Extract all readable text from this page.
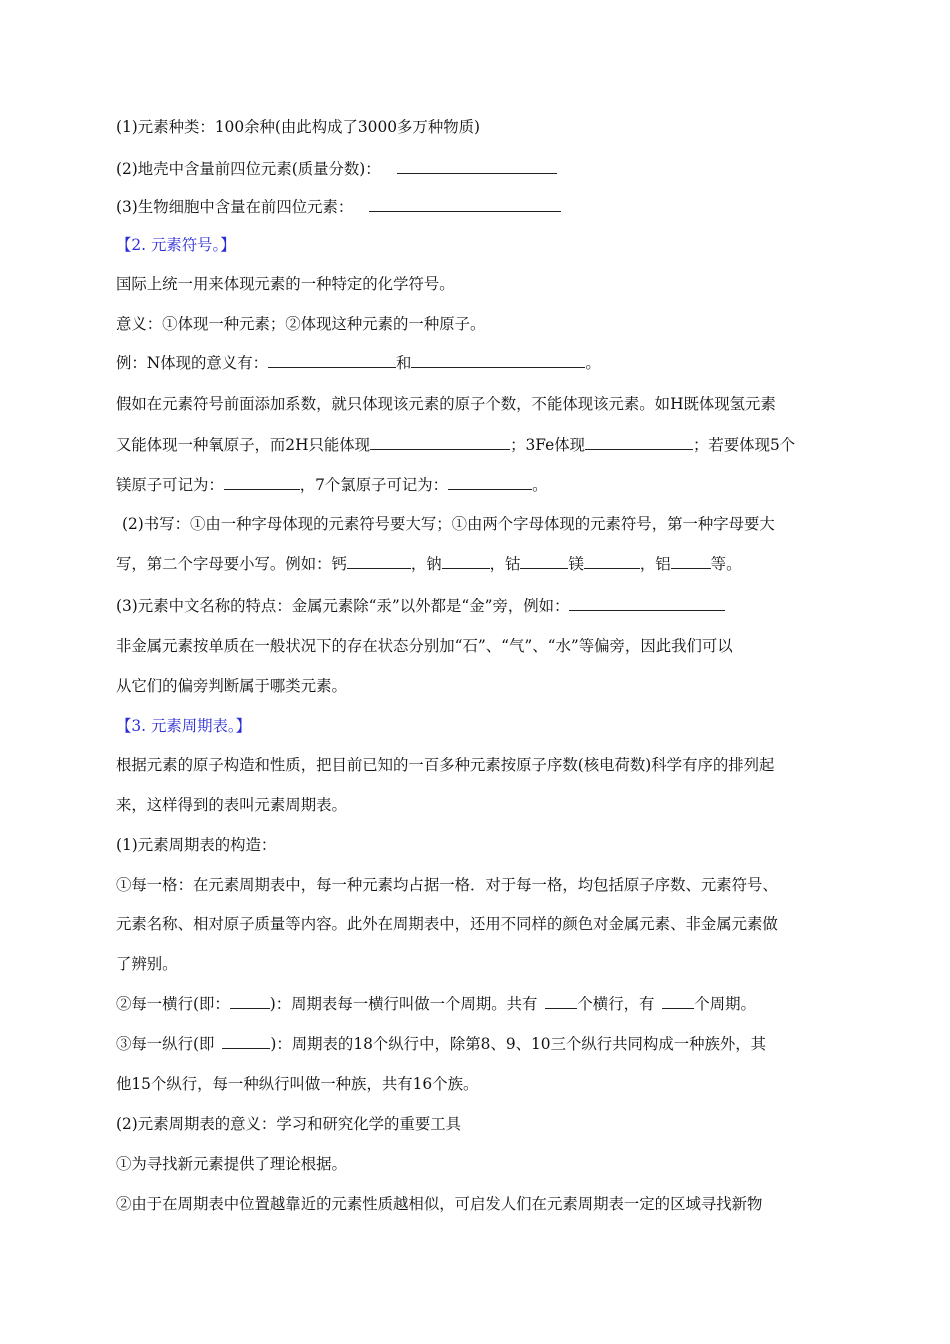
(1)元素种类：100余种(由此构成了3000多万种物质)

(2)地壳中含量前四位元素(质量分数)：

(3)生物细胞中含量在前四位元素：

【2. 元素符号。】

国际上统一用来体现元素的一种特定的化学符号。

意义：①体现一种元素；②体现这种元素的一种原子。

例：N体现的意义有：	和	。

假如在元素符号前面添加系数，就只体现该元素的原子个数，不能体现该元素。如H既体现氢元素

又能体现一种氧原子，而2H只能体现	；3Fe体现	；若要体现5个

镁原子可记为：	，7个氯原子可记为：	。

(2)书写：①由一种字母体现的元素符号要大写；①由两个字母体现的元素符号，第一种字母要大

写，第二个字母要小写。例如：钙	，钠	，钴	镁	，铝	等。

(3)元素中文名称的特点：金属元素除“汞”以外都是“金”旁，例如：

非金属元素按单质在一般状况下的存在状态分别加“石”、“气”、“水”等偏旁，因此我们可以

从它们的偏旁判断属于哪类元素。

【3. 元素周期表。】

根据元素的原子构造和性质，把目前已知的一百多种元素按原子序数(核电荷数)科学有序的排列起

来，这样得到的表叫元素周期表。

(1)元素周期表的构造：

①每一格：在元素周期表中，每一种元素均占据一格．对于每一格，均包括原子序数、元素符号、

元素名称、相对原子质量等内容。此外在周期表中，还用不同样的颜色对金属元素、非金属元素做

了辨别。

②每一横行(即：	)：周期表每一横行叫做一个周期。共有	个横行，有	个周期。

③每一纵行(即	)：周期表的18个纵行中，除第8、9、10三个纵行共同构成一种族外，其

他15个纵行，每一种纵行叫做一种族，共有16个族。

(2)元素周期表的意义：学习和研究化学的重要工具

①为寻找新元素提供了理论根据。

②由于在周期表中位置越靠近的元素性质越相似，可启发人们在元素周期表一定的区域寻找新物
